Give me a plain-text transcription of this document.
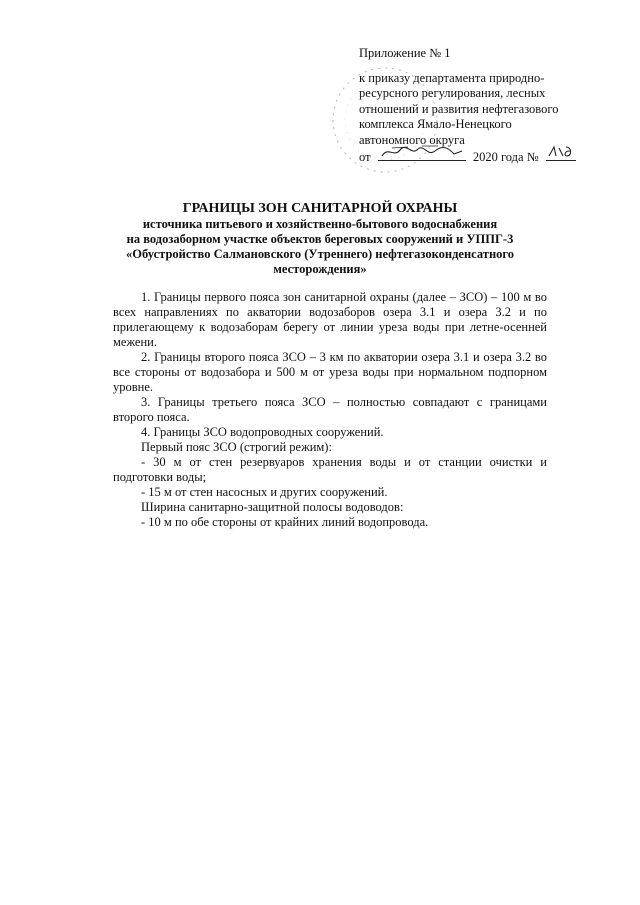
Приложение № 1
к приказу департамента природно-
ресурсного регулирования, лесных
отношений и развития нефтегазового
комплекса Ямало-Ненецкого
автономного округа
от	2020 года №
ГРАНИЦЫ ЗОН САНИТАРНОЙ ОХРАНЫ
источника питьевого и хозяйственно-бытового водоснабжения
на водозаборном участке объектов береговых сооружений и УППГ-3
«Обустройство Салмановского (Утреннего) нефтегазоконденсатного
месторождения»

1. Границы первого пояса зон санитарной охраны (далее – ЗСО) – 100 м во всех направлениях по акватории водозаборов озера 3.1 и озера 3.2 и по прилегающему к водозаборам берегу от линии уреза воды при летне-осенней межени.

2. Границы второго пояса ЗСО – 3 км по акватории озера 3.1 и озера 3.2 во все стороны от водозабора и 500 м от уреза воды при нормальном подпорном уровне.

3. Границы третьего пояса ЗСО – полностью совпадают с границами второго пояса.

4. Границы ЗСО водопроводных сооружений.

Первый пояс ЗСО (строгий режим):

- 30 м от стен резервуаров хранения воды и от станции очистки и подготовки воды;

- 15 м от стен насосных и других сооружений.

Ширина санитарно-защитной полосы водоводов:

- 10 м по обе стороны от крайних линий водопровода.
